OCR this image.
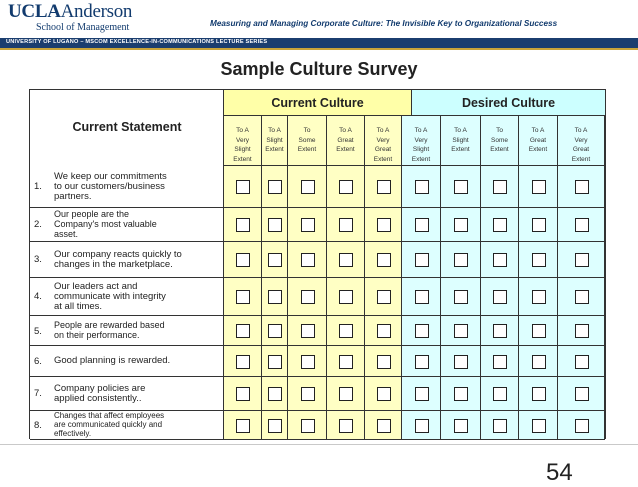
UCLAAnderson
School of Management	Measuring and Managing Corporate Culture: The Invisible Key to Organizational Success
UNIVERSITY OF LUGANO – MSCOM EXCELLENCE-IN-COMMUNICATIONS LECTURE SERIES
Sample Culture Survey
Current Statement
Current Culture	Desired Culture
To A
Very
Slight
Extent
To A
Slight
Extent
To
Some
Extent
To A
Great
Extent
To A
Very
Great
Extent
To A
Very
Slight
Extent
To A
Slight
Extent
To
Some
Extent
To A
Great
Extent
To A
Very
Great
Extent
1.
We keep our commitments
to our customers/business
partners.
2.
Our people are the
Company's most valuable
asset.
3.
Our company reacts quickly to
changes in the marketplace.
4.
Our leaders act and
communicate with integrity
at all times.
5.
People are rewarded based
on their performance.
6. Good planning is rewarded.
7.
Company policies are
applied consistently..
8.
Changes that affect employees
are communicated quickly and
effectively.
54
